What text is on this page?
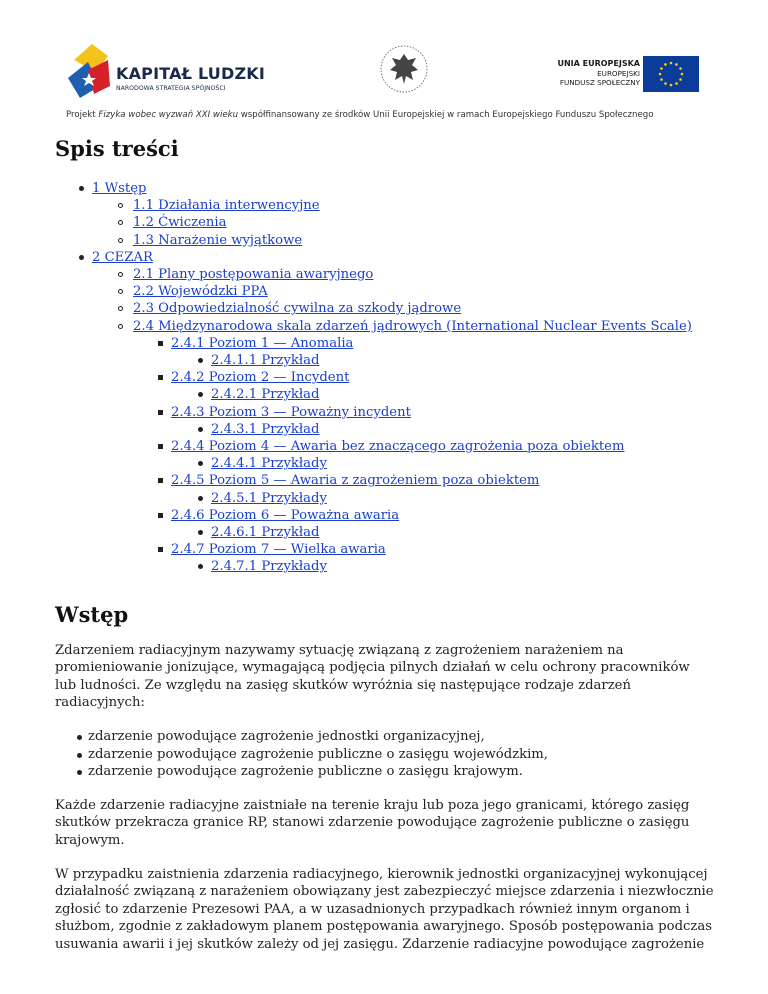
KAPITAŁ LUDZKI
NARODOWA STRATEGIA SPÓJNOŚCI
UNIA EUROPEJSKA
EUROPEJSKI
FUNDUSZ SPOŁECZNY
Projekt Fizyka wobec wyzwań XXI wieku współfinansowany ze środków Unii Europejskiej w ramach Europejskiego Funduszu Społecznego
Spis treści
1 Wstęp
1.1 Działania interwencyjne
1.2 Ćwiczenia
1.3 Narażenie wyjątkowe
2 CEZAR
2.1 Plany postępowania awaryjnego
2.2 Wojewódzki PPA
2.3 Odpowiedzialność cywilna za szkody jądrowe
2.4 Międzynarodowa skala zdarzeń jądrowych (International Nuclear Events Scale)
2.4.1 Poziom 1 — Anomalia
2.4.1.1 Przykład
2.4.2 Poziom 2 — Incydent
2.4.2.1 Przykład
2.4.3 Poziom 3 — Poważny incydent
2.4.3.1 Przykład
2.4.4 Poziom 4 — Awaria bez znaczącego zagrożenia poza obiektem
2.4.4.1 Przykłady
2.4.5 Poziom 5 — Awaria z zagrożeniem poza obiektem
2.4.5.1 Przykłady
2.4.6 Poziom 6 — Poważna awaria
2.4.6.1 Przykład
2.4.7 Poziom 7 — Wielka awaria
2.4.7.1 Przykłady
Wstęp

Zdarzeniem radiacyjnym nazywamy sytuację związaną z zagrożeniem narażeniem na promieniowanie jonizujące, wymagającą podjęcia pilnych działań w celu ochrony pracowników lub ludności. Ze względu na zasięg skutków wyróżnia się następujące rodzaje zdarzeń radiacyjnych:

zdarzenie powodujące zagrożenie jednostki organizacyjnej,
zdarzenie powodujące zagrożenie publiczne o zasięgu wojewódzkim,
zdarzenie powodujące zagrożenie publiczne o zasięgu krajowym.

Każde zdarzenie radiacyjne zaistniałe na terenie kraju lub poza jego granicami, którego zasięg skutków przekracza granice RP, stanowi zdarzenie powodujące zagrożenie publiczne o zasięgu krajowym.

W przypadku zaistnienia zdarzenia radiacyjnego, kierownik jednostki organizacyjnej wykonującej działalność związaną z narażeniem obowiązany jest zabezpieczyć miejsce zdarzenia i niezwłocznie zgłosić to zdarzenie Prezesowi PAA, a w uzasadnionych przypadkach również innym organom i służbom, zgodnie z zakładowym planem postępowania awaryjnego. Sposób postępowania podczas usuwania awarii i jej skutków zależy od jej zasięgu. Zdarzenie radiacyjne powodujące zagrożenie
